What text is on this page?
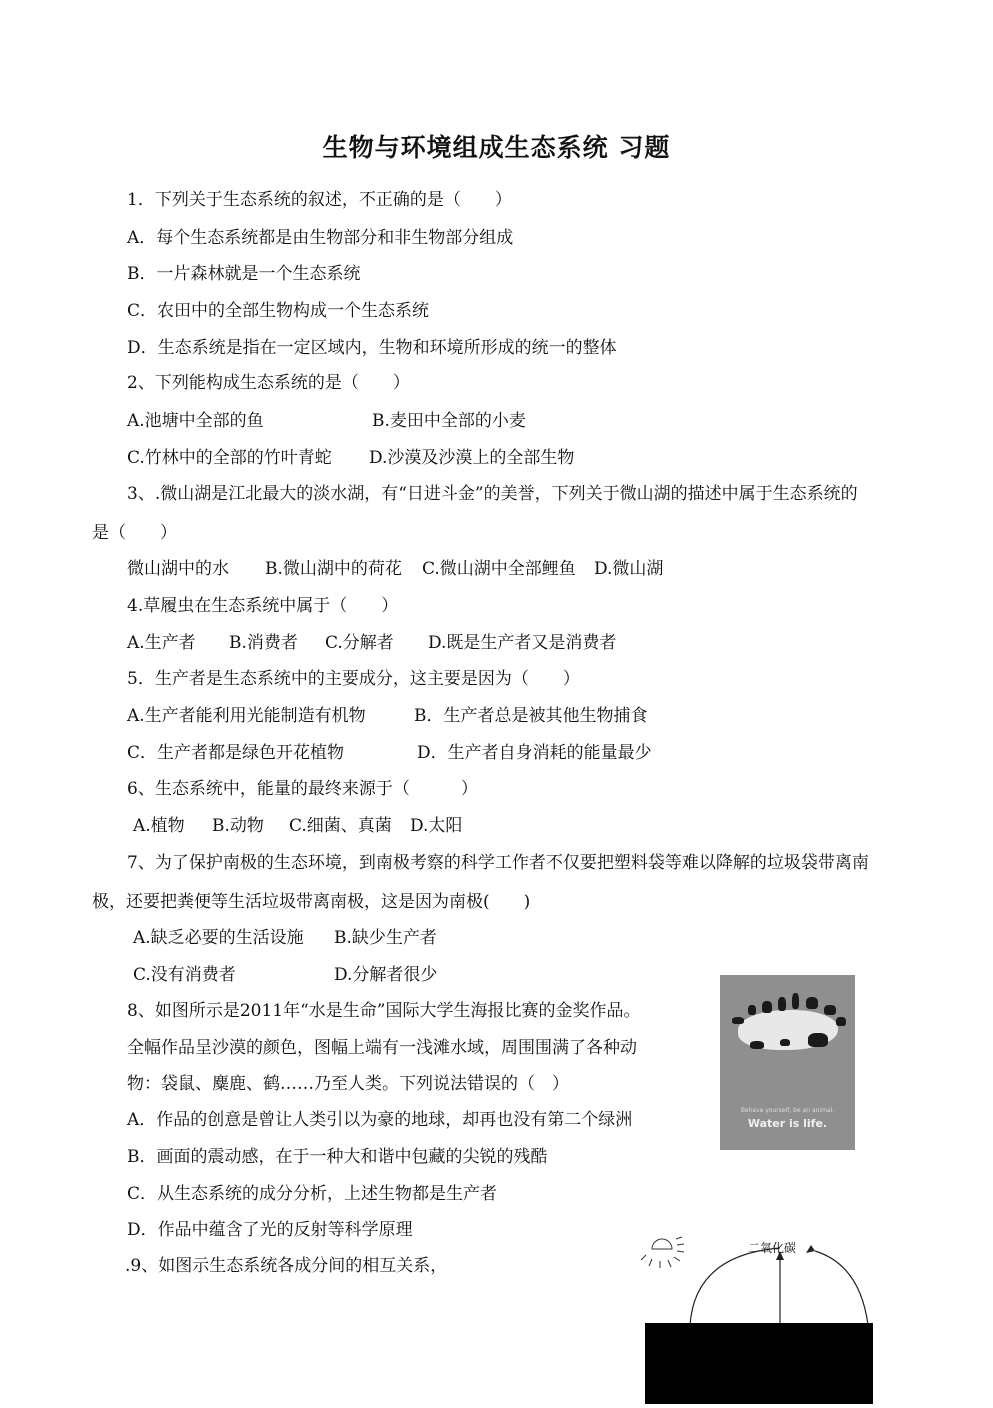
生物与环境组成生态系统 习题
1．下列关于生态系统的叙述，不正确的是（　　）
A．每个生态系统都是由生物部分和非生物部分组成
B．一片森林就是一个生态系统
C．农田中的全部生物构成一个生态系统
D．生态系统是指在一定区域内，生物和环境所形成的统一的整体
2、下列能构成生态系统的是（　　）
A.池塘中全部的鱼	B.麦田中全部的小麦
C.竹林中的全部的竹叶青蛇 D.沙漠及沙漠上的全部生物
3、.微山湖是江北最大的淡水湖，有“日进斗金”的美誉，下列关于微山湖的描述中属于生态系统的
是（　　）
微山湖中的水 B.微山湖中的荷花 C.微山湖中全部鲤鱼 D.微山湖
4.草履虫在生态系统中属于（　　）
A.生产者 B.消费者 C.分解者 D.既是生产者又是消费者
5．生产者是生态系统中的主要成分，这主要是因为（　　）
A.生产者能利用光能制造有机物	B．生产者总是被其他生物捕食
C．生产者都是绿色开花植物	D．生产者自身消耗的能量最少
6、生态系统中，能量的最终来源于（　　　）
A.植物 B.动物 C.细菌、真菌 D.太阳
7、为了保护南极的生态环境，到南极考察的科学工作者不仅要把塑料袋等难以降解的垃圾袋带离南
极，还要把粪便等生活垃圾带离南极，这是因为南极(　　)
A.缺乏必要的生活设施 B.缺少生产者
C.没有消费者	D.分解者很少
8、如图所示是2011年“水是生命”国际大学生海报比赛的金奖作品。
全幅作品呈沙漠的颜色，图幅上端有一浅滩水域，周围围满了各种动
物：袋鼠、麋鹿、鹤……乃至人类。下列说法错误的（　）
A．作品的创意是曾让人类引以为豪的地球，却再也没有第二个绿洲
B．画面的震动感，在于一种大和谐中包藏的尖锐的残酷
C．从生态系统的成分分析，上述生物都是生产者
D．作品中蕴含了光的反射等科学原理
.9、如图示生态系统各成分间的相互关系，
Behave yourself, be an animal.
Water is life.
二氧化碳
